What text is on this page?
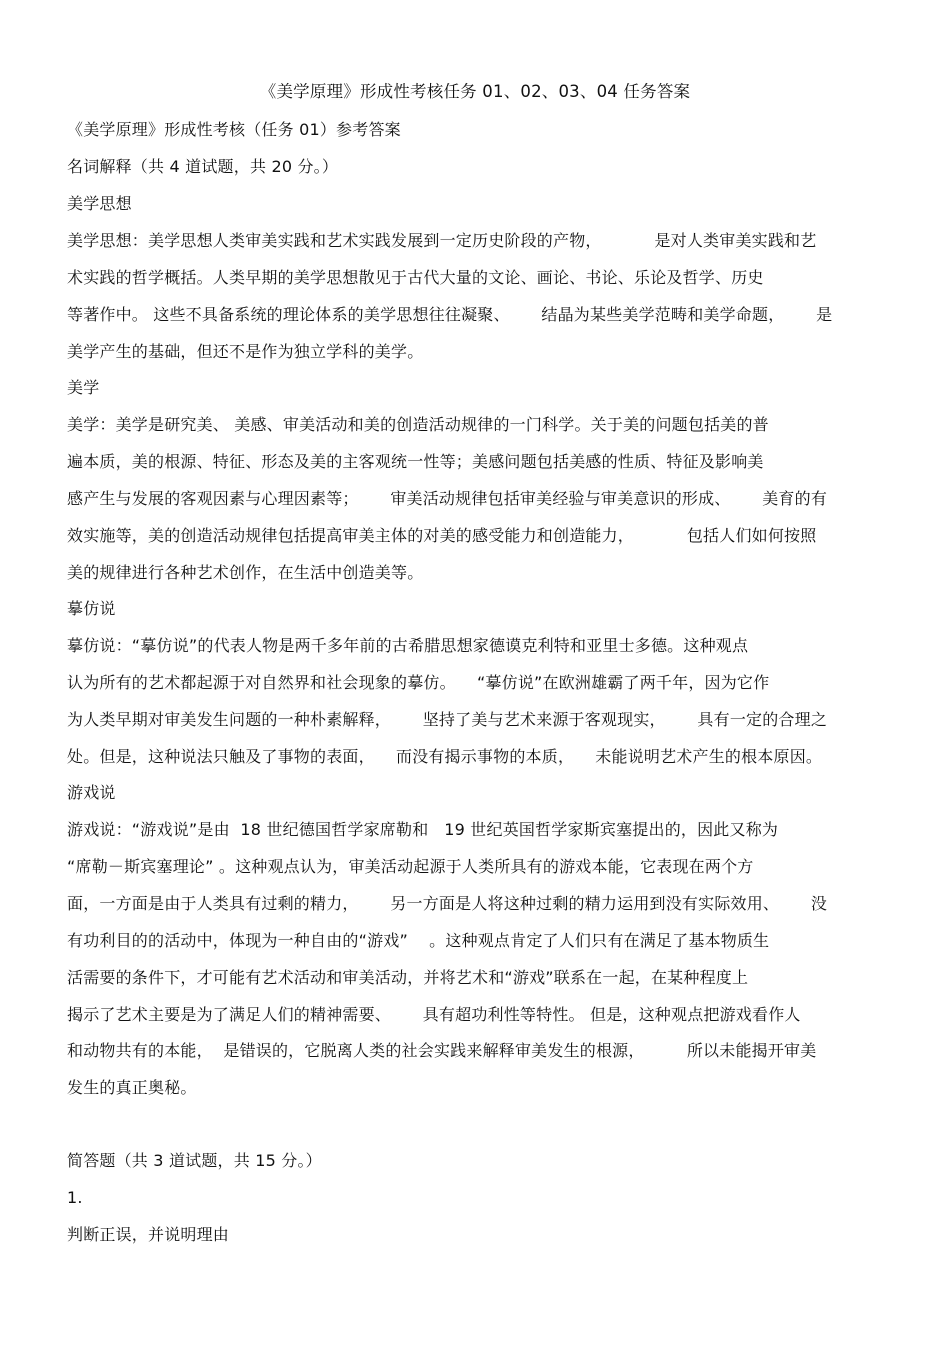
《美学原理》形成性考核任务 01、02、03、04 任务答案
《美学原理》形成性考核（任务 01）参考答案
名词解释（共 4 道试题，共 20 分。）
美学思想
美学思想：美学思想人类审美实践和艺术实践发展到一定历史阶段的产物，          是对人类审美实践和艺
术实践的哲学概括。人类早期的美学思想散见于古代大量的文论、画论、书论、乐论及哲学、历史
等著作中。 这些不具备系统的理论体系的美学思想往往凝聚、      结晶为某些美学范畴和美学命题，      是
美学产生的基础，但还不是作为独立学科的美学。
美学
美学：美学是研究美、 美感、审美活动和美的创造活动规律的一门科学。关于美的问题包括美的普
遍本质，美的根源、特征、形态及美的主客观统一性等；美感问题包括美感的性质、特征及影响美
感产生与发展的客观因素与心理因素等；      审美活动规律包括审美经验与审美意识的形成、      美育的有
效实施等，美的创造活动规律包括提高审美主体的对美的感受能力和创造能力，          包括人们如何按照
美的规律进行各种艺术创作，在生活中创造美等。
摹仿说
摹仿说：“摹仿说”的代表人物是两千多年前的古希腊思想家德谟克利特和亚里士多德。这种观点
认为所有的艺术都起源于对自然界和社会现象的摹仿。    “摹仿说”在欧洲雄霸了两千年，因为它作
为人类早期对审美发生问题的一种朴素解释，      坚持了美与艺术来源于客观现实，      具有一定的合理之
处。但是，这种说法只触及了事物的表面，    而没有揭示事物的本质，    未能说明艺术产生的根本原因。
游戏说
游戏说：“游戏说”是由  18 世纪德国哲学家席勒和   19 世纪英国哲学家斯宾塞提出的，因此又称为
“席勒－斯宾塞理论” 。这种观点认为，审美活动起源于人类所具有的游戏本能，它表现在两个方
面，一方面是由于人类具有过剩的精力，      另一方面是人将这种过剩的精力运用到没有实际效用、      没
有功利目的的活动中，体现为一种自由的“游戏”    。这种观点肯定了人们只有在满足了基本物质生
活需要的条件下，才可能有艺术活动和审美活动，并将艺术和“游戏”联系在一起，在某种程度上
揭示了艺术主要是为了满足人们的精神需要、      具有超功利性等特性。 但是，这种观点把游戏看作人
和动物共有的本能，  是错误的，它脱离人类的社会实践来解释审美发生的根源，        所以未能揭开审美
发生的真正奥秘。
简答题（共 3 道试题，共 15 分。）
1.
判断正误，并说明理由
